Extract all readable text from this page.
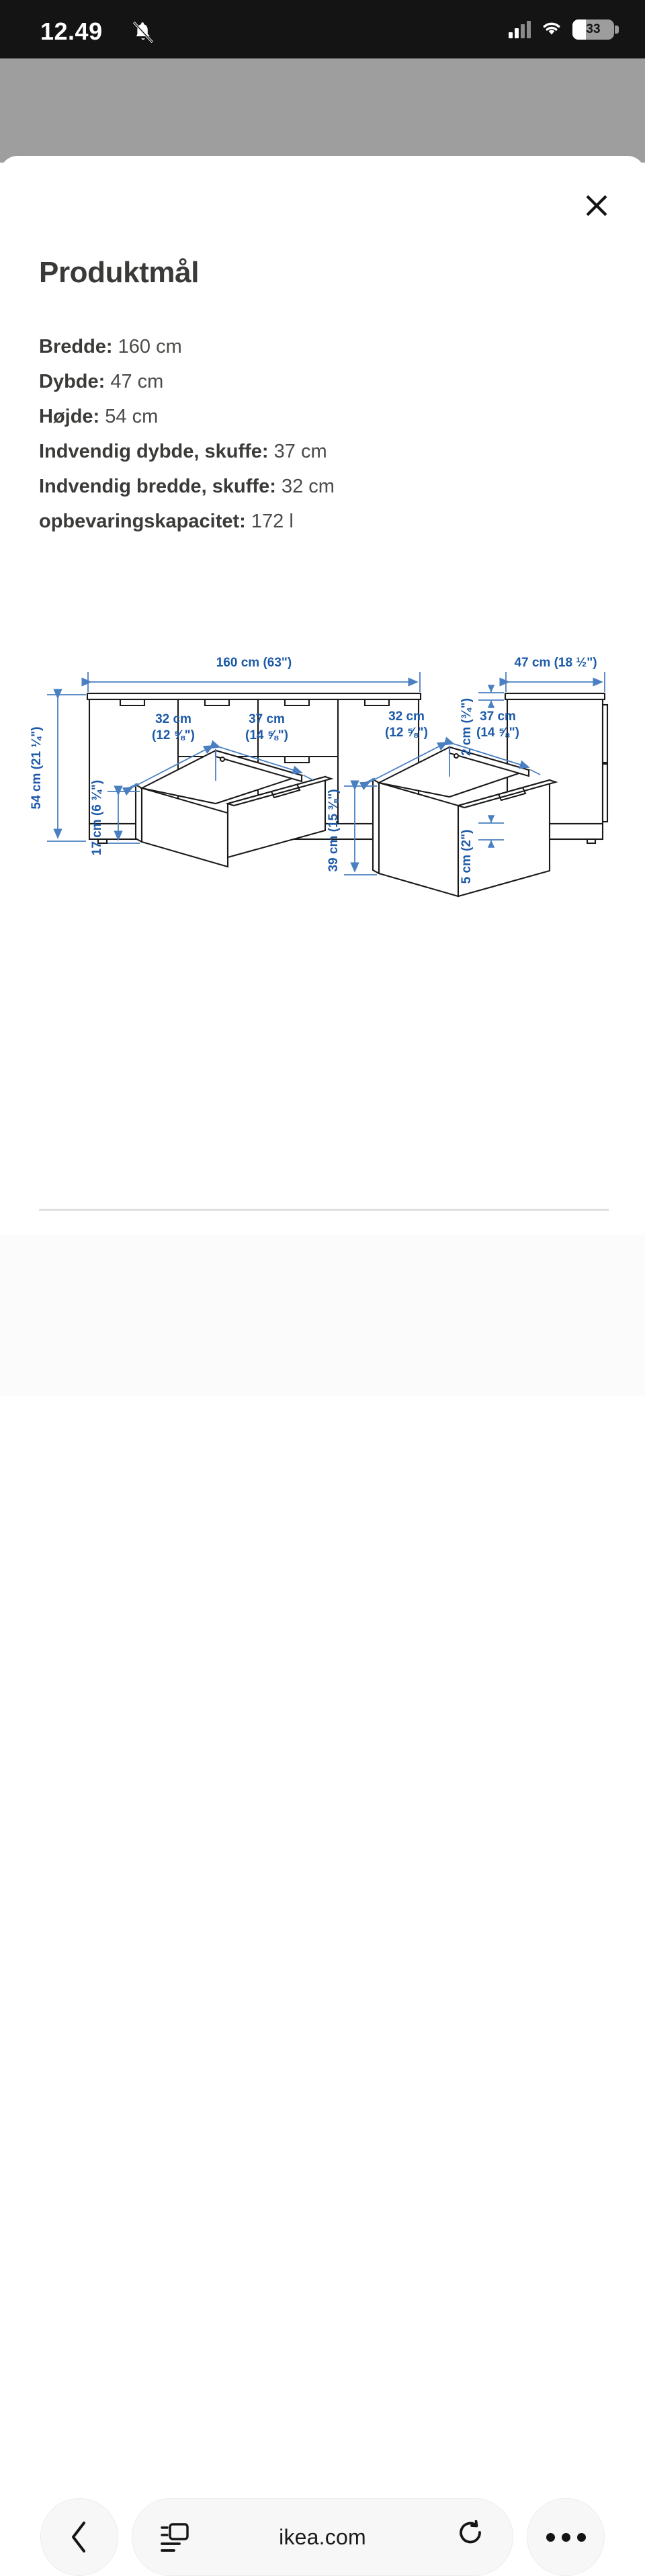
12.49	33
Produktmål
Bredde: 160 cm
Dybde: 47 cm
Højde: 54 cm
Indvendig dybde, skuffe: 37 cm
Indvendig bredde, skuffe: 32 cm
opbevaringskapacitet: 172 l
160 cm (63")
54 cm (21 ¼")
47 cm (18 ½")
2 cm (¾")
5 cm (2")
32 cm
(12 ⅝")
37 cm
(14 ⅝")
17 cm (6 ¾")
32 cm
(12 ⅝")
37 cm
(14 ⅝")
39 cm (15 ⅜")
ikea.com
